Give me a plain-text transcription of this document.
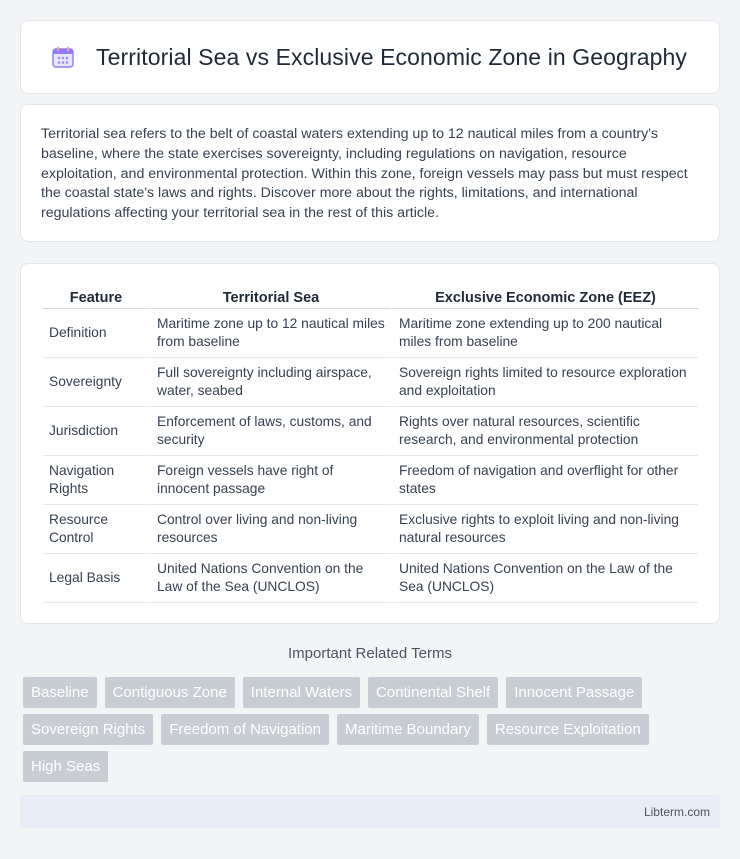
Territorial Sea vs Exclusive Economic Zone in Geography

Territorial sea refers to the belt of coastal waters extending up to 12 nautical miles from a country's baseline, where the state exercises sovereignty, including regulations on navigation, resource exploitation, and environmental protection. Within this zone, foreign vessels may pass but must respect the coastal state's laws and rights. Discover more about the rights, limitations, and international regulations affecting your territorial sea in the rest of this article.

Feature	Territorial Sea	Exclusive Economic Zone (EEZ)
Definition	Maritime zone up to 12 nautical miles from baseline	Maritime zone extending up to 200 nautical miles from baseline
Sovereignty	Full sovereignty including airspace, water, seabed	Sovereign rights limited to resource exploration and exploitation
Jurisdiction	Enforcement of laws, customs, and security	Rights over natural resources, scientific research, and environmental protection
Navigation Rights	Foreign vessels have right of innocent passage	Freedom of navigation and overflight for other states
Resource Control	Control over living and non-living resources	Exclusive rights to exploit living and non-living natural resources
Legal Basis	United Nations Convention on the Law of the Sea (UNCLOS)	United Nations Convention on the Law of the Sea (UNCLOS)
Important Related Terms
Baseline	Contiguous Zone	Internal Waters	Continental Shelf	Innocent Passage
Sovereign Rights	Freedom of Navigation	Maritime Boundary	Resource Exploitation
High Seas
Libterm.com
